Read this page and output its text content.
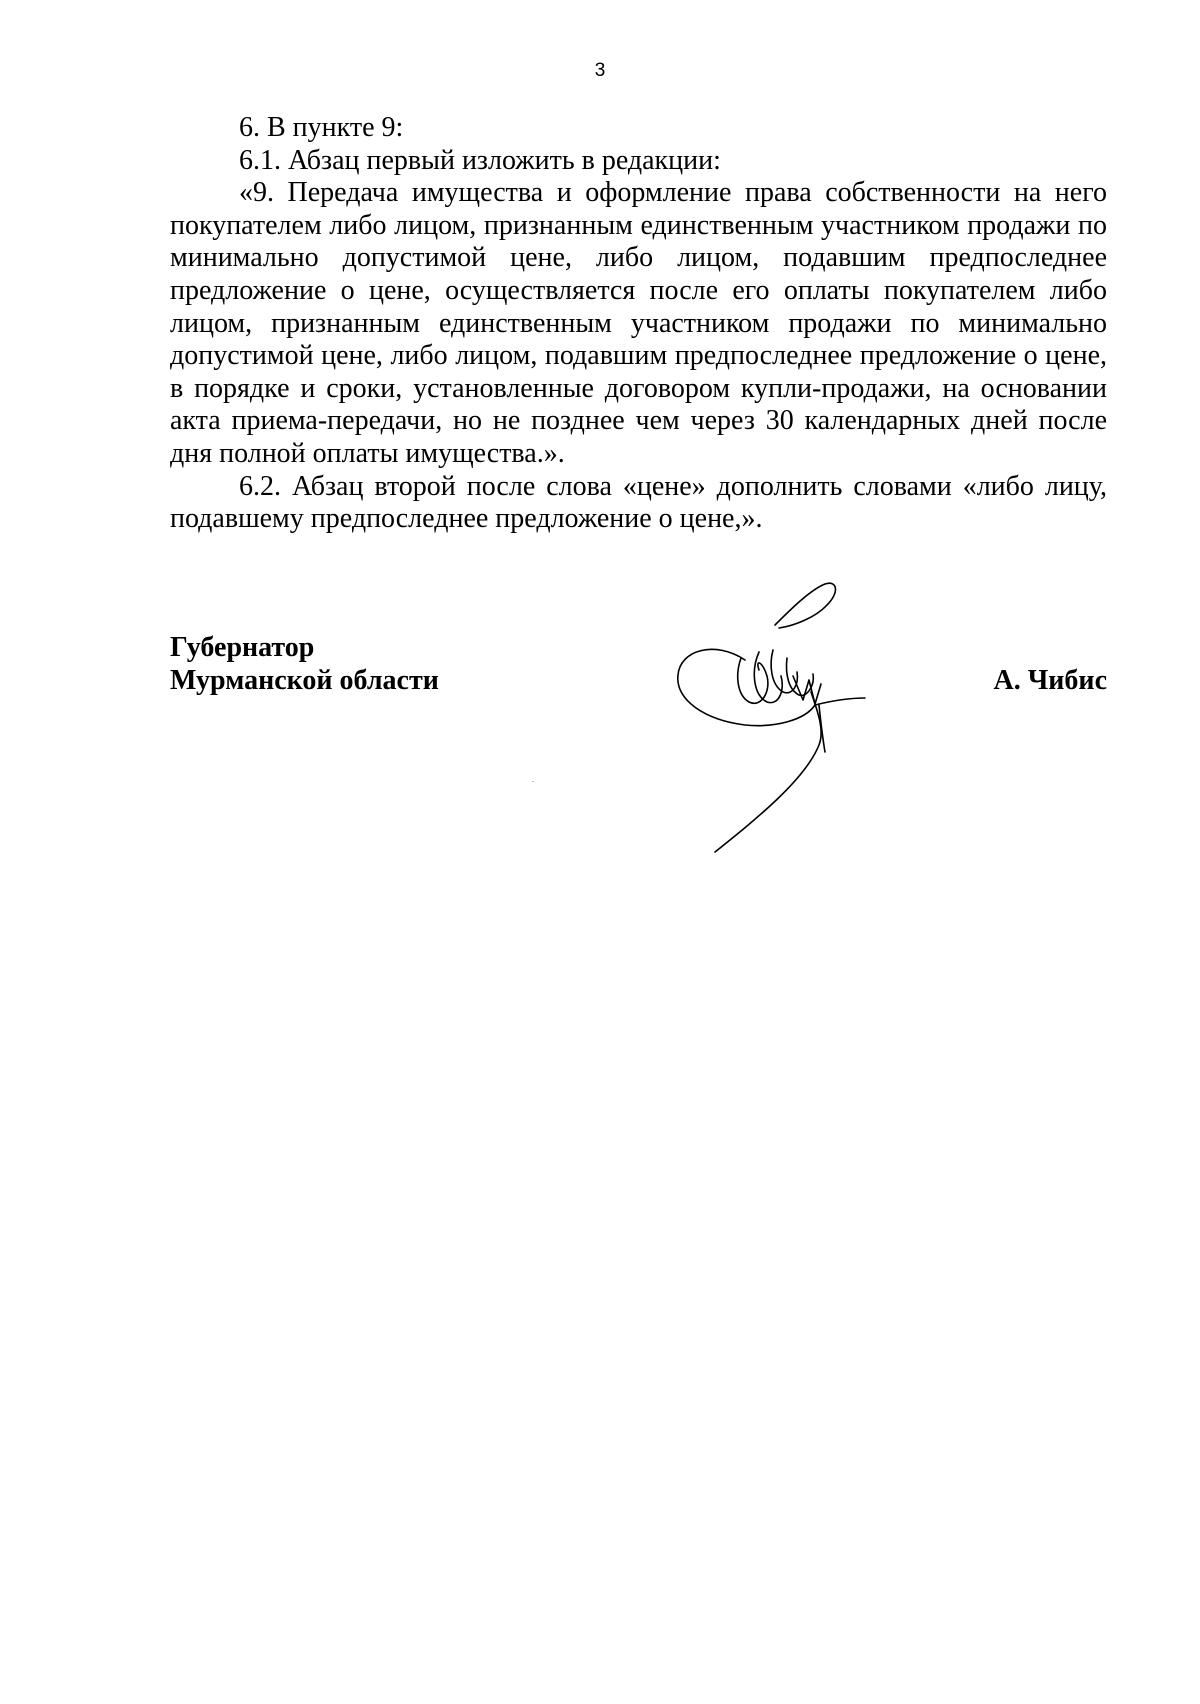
3

6. В пункте 9:

6.1. Абзац первый изложить в редакции:

«9. Передача имущества и оформление права собственности на него покупателем либо лицом, признанным единственным участником продажи по минимально допустимой цене, либо лицом, подавшим предпоследнее предложение о цене, осуществляется после его оплаты покупателем либо лицом, признанным единственным участником продажи по минимально допустимой цене, либо лицом, подавшим предпоследнее предложение о цене, в порядке и сроки, установленные договором купли-продажи, на основании акта приема-передачи, но не позднее чем через 30 календарных дней после дня полной оплаты имущества.».

6.2. Абзац второй после слова «цене» дополнить словами «либо лицу, подавшему предпоследнее предложение о цене,».

Губернатор
Мурманской области	А. Чибис
